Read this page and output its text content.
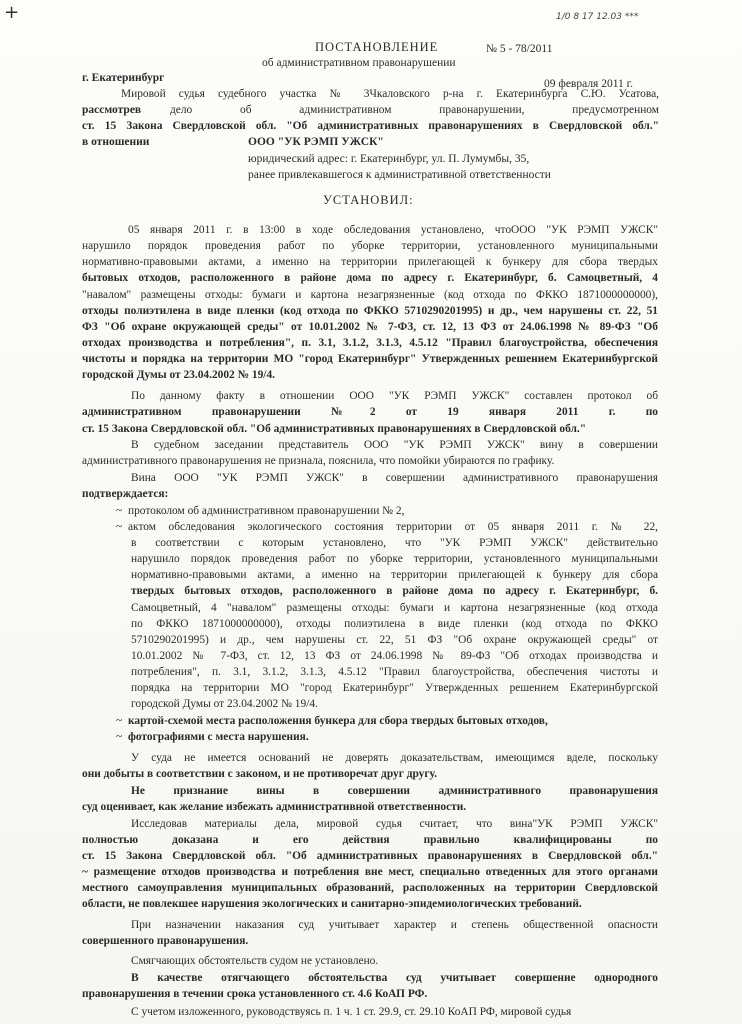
+	1/0 8 17 12.03 ***
ПОСТАНОВЛЕНИЕ	№ 5 - 78/2011
об административном правонарушении
г. Екатеринбург	09 февраля 2011 г.
Мировой судья судебного участка № 3Чкаловского р-на г. Екатеринбурга С.Ю. Усатова,
рассмотрев	дело об административном правонарушении, предусмотренном
ст. 15 Закона Свердловской обл. "Об административных правонарушениях в Свердловской обл."
в отношении	ООО "УК РЭМП УЖСК"
юридический адрес: г. Екатеринбург, ул. П. Лумумбы, 35,
ранее привлекавшегося к административной ответственности
УСТАНОВИЛ:
05 января 2011 г. в 13:00 в ходе обследования установлено, чтоООО "УК РЭМП УЖСК"
нарушило порядок проведения работ по уборке территории, установленного муниципальными
нормативно-правовыми актами, а именно на территории прилегающей к бункеру для сбора твердых
бытовых отходов, расположенного в районе дома по адресу г. Екатеринбург, б. Самоцветный, 4
"навалом" размещены отходы: бумаги и картона незагрязненные (код отхода по ФККО 1871000000000),
отходы полиэтилена в виде пленки (код отхода по ФККО 5710290201995) и др., чем нарушены ст. 22, 51
ФЗ "Об охране окружающей среды" от 10.01.2002 № 7-ФЗ, ст. 12, 13 ФЗ от 24.06.1998 № 89-ФЗ "Об
отходах производства и потребления", п. 3.1, 3.1.2, 3.1.3, 4.5.12 "Правил благоустройства, обеспечения
чистоты и порядка на территории МО "город Екатеринбург" Утвержденных решением Екатеринбургской
городской Думы от 23.04.2002 № 19/4.
По данному факту в отношении ООО "УК РЭМП УЖСК" составлен протокол об
административном правонарушении №2 от 19 января 2011 г. по
ст. 15 Закона Свердловской обл. "Об административных правонарушениях в Свердловской обл."
В судебном заседании представитель ООО "УК РЭМП УЖСК" вину в совершении
административного правонарушения не признала, пояснила, что помойки убираются по графику.
Вина ООО "УК РЭМП УЖСК" в совершении административного правонарушения
подтверждается:
~ протоколом об административном правонарушении № 2,
~ актом обследования экологического состояния территории от 05 января 2011 г. № 22,
в соответствии с которым установлено, что "УК РЭМП УЖСК" действительно
нарушило порядок проведения работ по уборке территории, установленного муниципальными
нормативно-правовыми актами, а именно на территории прилегающей к бункеру для сбора
твердых бытовых отходов, расположенного в районе дома по адресу г. Екатеринбург, б.
Самоцветный, 4 "навалом" размещены отходы: бумаги и картона незагрязненные (код отхода
по ФККО 1871000000000), отходы полиэтилена в виде пленки (код отхода по ФККО
5710290201995) и др., чем нарушены ст. 22, 51 ФЗ "Об охране окружающей среды" от
10.01.2002 № 7-ФЗ, ст. 12, 13 ФЗ от 24.06.1998 № 89-ФЗ "Об отходах производства и
потребления", п. 3.1, 3.1.2, 3.1.3, 4.5.12 "Правил благоустройства, обеспечения чистоты и
порядка на территории МО "город Екатеринбург" Утвержденных решением Екатеринбургской
городской Думы от 23.04.2002 № 19/4.
~ картой-схемой места расположения бункера для сбора твердых бытовых отходов,
~ фотографиями с места нарушения.
У суда не имеется оснований не доверять доказательствам, имеющимся вделе, поскольку
они добыты в соответствии с законом, и не противоречат друг другу.
Не признание вины в совершении административного правонарушения
суд оценивает, как желание избежать административной ответственности.
Исследовав материалы дела, мировой судья считает, что вина"УК РЭМП УЖСК"
полностью доказана и его действия правильно квалифицированы по
ст. 15 Закона Свердловской обл. "Об административных правонарушениях в Свердловской обл."
~ размещение отходов производства и потребления вне мест, специально отведенных для этого органами
местного самоуправления муниципальных образований, расположенных на территории Свердловской
области, не повлекшее нарушения экологических и санитарно-эпидемиологических требований.
При назначении наказания суд учитывает характер и степень общественной опасности
совершенного правонарушения.
Смягчающих обстоятельств судом не установлено.
В качестве отягчающего обстоятельства суд учитывает совершение однородного
правонарушения в течении срока установленного ст. 4.6 КоАП РФ.
С учетом изложенного, руководствуясь п. 1 ч. 1 ст. 29.9, ст. 29.10 КоАП РФ, мировой судья
